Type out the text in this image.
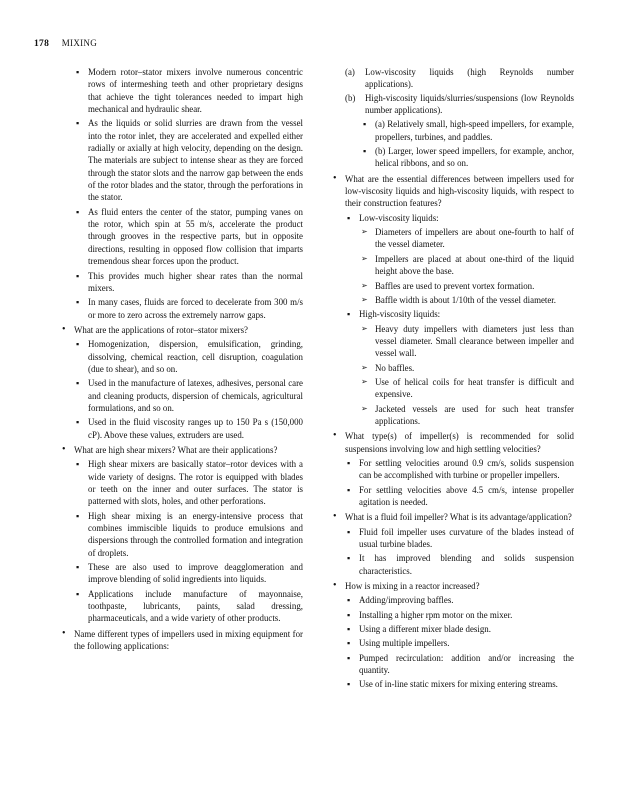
178 MIXING
▪ Modern rotor–stator mixers involve numerous concentric rows of intermeshing teeth and other proprietary designs that achieve the tight tolerances needed to impart high mechanical and hydraulic shear.
▪ As the liquids or solid slurries are drawn from the vessel into the rotor inlet, they are accelerated and expelled either radially or axially at high velocity, depending on the design. The materials are subject to intense shear as they are forced through the stator slots and the narrow gap between the ends of the rotor blades and the stator, through the perforations in the stator.
▪ As fluid enters the center of the stator, pumping vanes on the rotor, which spin at 55 m/s, accelerate the product through grooves in the respective parts, but in opposite directions, resulting in opposed flow collision that imparts tremendous shear forces upon the product.
▪ This provides much higher shear rates than the normal mixers.
▪ In many cases, fluids are forced to decelerate from 300 m/s or more to zero across the extremely narrow gaps.
• What are the applications of rotor–stator mixers?
▪ Homogenization, dispersion, emulsification, grinding, dissolving, chemical reaction, cell disruption, coagulation (due to shear), and so on.
▪ Used in the manufacture of latexes, adhesives, personal care and cleaning products, dispersion of chemicals, agricultural formulations, and so on.
▪ Used in the fluid viscosity ranges up to 150 Pa s (150,000 cP). Above these values, extruders are used.
• What are high shear mixers? What are their applications?
▪ High shear mixers are basically stator–rotor devices with a wide variety of designs. The rotor is equipped with blades or teeth on the inner and outer surfaces. The stator is patterned with slots, holes, and other perforations.
▪ High shear mixing is an energy-intensive process that combines immiscible liquids to produce emulsions and dispersions through the controlled formation and integration of droplets.
▪ These are also used to improve deagglomeration and improve blending of solid ingredients into liquids.
▪ Applications include manufacture of mayonnaise, toothpaste, lubricants, paints, salad dressing, pharmaceuticals, and a wide variety of other products.
• Name different types of impellers used in mixing equipment for the following applications:
(a) Low-viscosity liquids (high Reynolds number applications).
(b) High-viscosity liquids/slurries/suspensions (low Reynolds number applications).
▪ (a) Relatively small, high-speed impellers, for example, propellers, turbines, and paddles.
▪ (b) Larger, lower speed impellers, for example, anchor, helical ribbons, and so on.
• What are the essential differences between impellers used for low-viscosity liquids and high-viscosity liquids, with respect to their construction features?
▪ Low-viscosity liquids:
➢ Diameters of impellers are about one-fourth to half of the vessel diameter.
➢ Impellers are placed at about one-third of the liquid height above the base.
➢ Baffles are used to prevent vortex formation.
➢ Baffle width is about 1/10th of the vessel diameter.
▪ High-viscosity liquids:
➢ Heavy duty impellers with diameters just less than vessel diameter. Small clearance between impeller and vessel wall.
➢ No baffles.
➢ Use of helical coils for heat transfer is difficult and expensive.
➢ Jacketed vessels are used for such heat transfer applications.
• What type(s) of impeller(s) is recommended for solid suspensions involving low and high settling velocities?
▪ For settling velocities around 0.9 cm/s, solids suspension can be accomplished with turbine or propeller impellers.
▪ For settling velocities above 4.5 cm/s, intense propeller agitation is needed.
• What is a fluid foil impeller? What is its advantage/application?
▪ Fluid foil impeller uses curvature of the blades instead of usual turbine blades.
▪ It has improved blending and solids suspension characteristics.
• How is mixing in a reactor increased?
▪ Adding/improving baffles.
▪ Installing a higher rpm motor on the mixer.
▪ Using a different mixer blade design.
▪ Using multiple impellers.
▪ Pumped recirculation: addition and/or increasing the quantity.
▪ Use of in-line static mixers for mixing entering streams.
